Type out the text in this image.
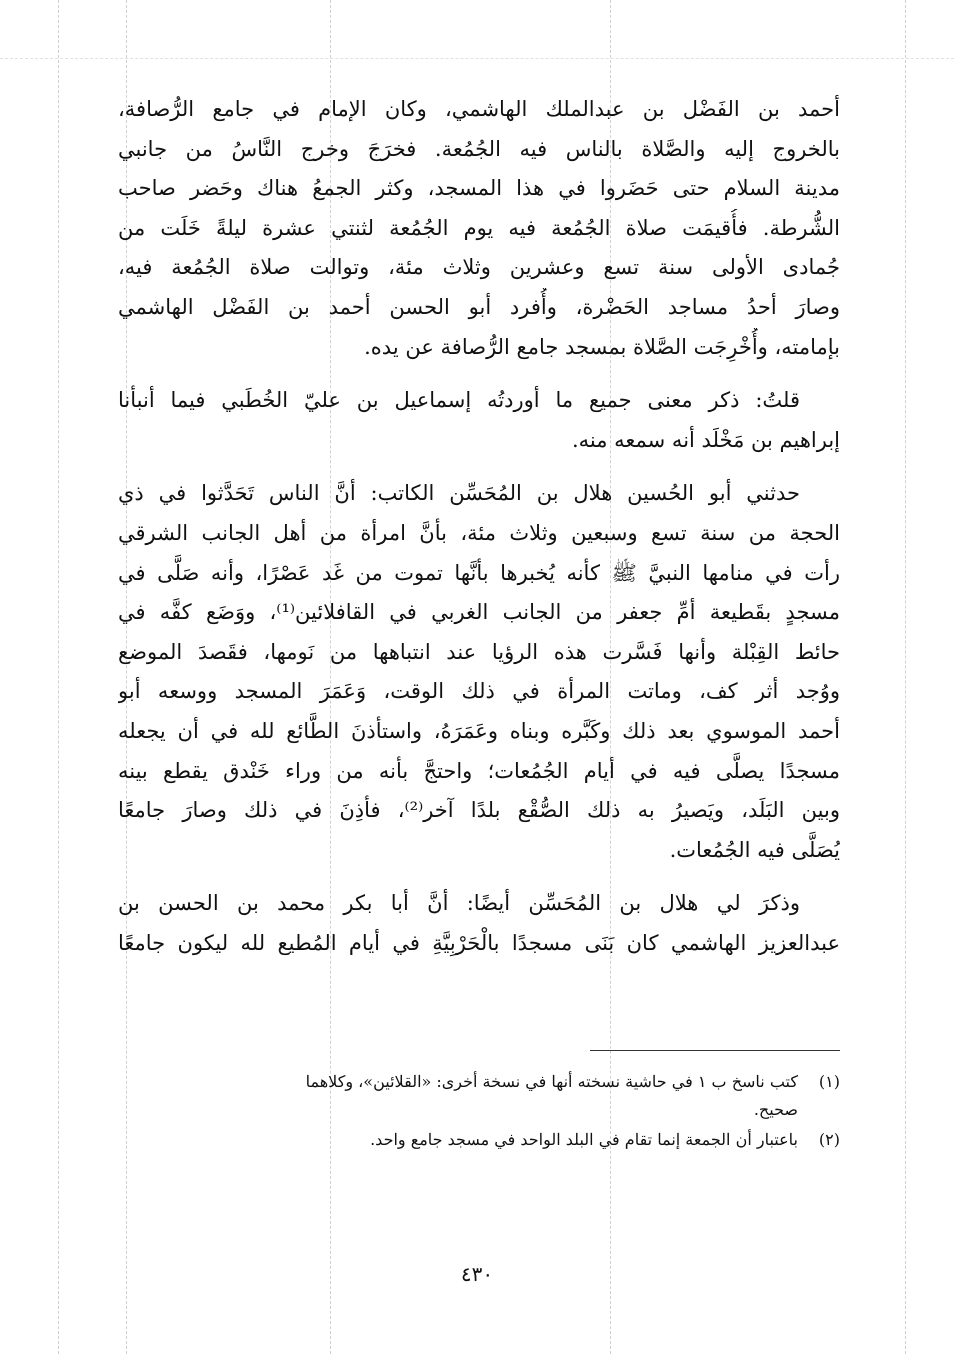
أحمد بن الفَضْل بن عبدالملك الهاشمي، وكان الإمام في جامع الرُّصافة،
بالخروج إليه والصَّلاة بالناس فيه الجُمُعة. فخرَجَ وخرج النَّاسُ من جانبي
مدينة السلام حتى حَضَروا في هذا المسجد، وكثر الجمعُ هناك وحَضر صاحب
الشُّرطة. فأُقيمَت صلاة الجُمُعة فيه يوم الجُمُعة لثنتي عشرة ليلةً خَلَت من
جُمادى الأولى سنة تسع وعشرين وثلاث مئة، وتوالت صلاة الجُمُعة فيه،
وصارَ أحدُ مساجد الحَضْرة، وأُفرد أبو الحسن أحمد بن الفَضْل الهاشمي
بإمامته، وأُخْرِجَت الصَّلاة بمسجد جامع الرُّصافة عن يده.
قلتُ: ذكر معنى جميع ما أوردتُه إسماعيل بن عليّ الخُطَبي فيما أنبأنا
إبراهيم بن مَخْلَد أنه سمعه منه.
حدثني أبو الحُسين هلال بن المُحَسِّن الكاتب: أنَّ الناس تَحَدَّثوا في ذي
الحجة من سنة تسع وسبعين وثلاث مئة، بأنَّ امرأة من أهل الجانب الشرقي
رأت في منامها النبيَّ ﷺ كأنه يُخبرها بأنَّها تموت من غَد عَصْرًا، وأنه صَلَّى في
مسجدٍ بقَطيعة أمِّ جعفر من الجانب الغربي في القافلائين⁽¹⁾، ووَضَع كفَّه في
حائط القِبْلة وأنها فَسَّرت هذه الرؤيا عند انتباهها من نَومها، فقَصدَ الموضع
ووُجد أثر كف، وماتت المرأة في ذلك الوقت، وَعَمَرَ المسجد ووسعه أبو
أحمد الموسوي بعد ذلك وكَبَّره وبناه وعَمَرَهُ، واستأذنَ الطَّائع لله في أن يجعله
مسجدًا يصلَّى فيه في أيام الجُمُعات؛ واحتجَّ بأنه من وراء خَنْدق يقطع بينه
وبين البَلَد، ويَصيرُ به ذلك الصُّقْع بلدًا آخر⁽²⁾، فأذِنَ في ذلك وصارَ جامعًا
يُصَلَّى فيه الجُمُعات.
وذكرَ لي هلال بن المُحَسِّن أيضًا: أنَّ أبا بكر محمد بن الحسن بن
عبدالعزيز الهاشمي كان بَنَى مسجدًا بالْحَرْبِيَّةِ في أيام المُطيع لله ليكون جامعًا
(١)
كتب ناسخ ب ١ في حاشية نسخته أنها في نسخة أخرى: «القلائين»، وكلاهما
صحيح.
(٢)
باعتبار أن الجمعة إنما تقام في البلد الواحد في مسجد جامع واحد.
٤٣٠
